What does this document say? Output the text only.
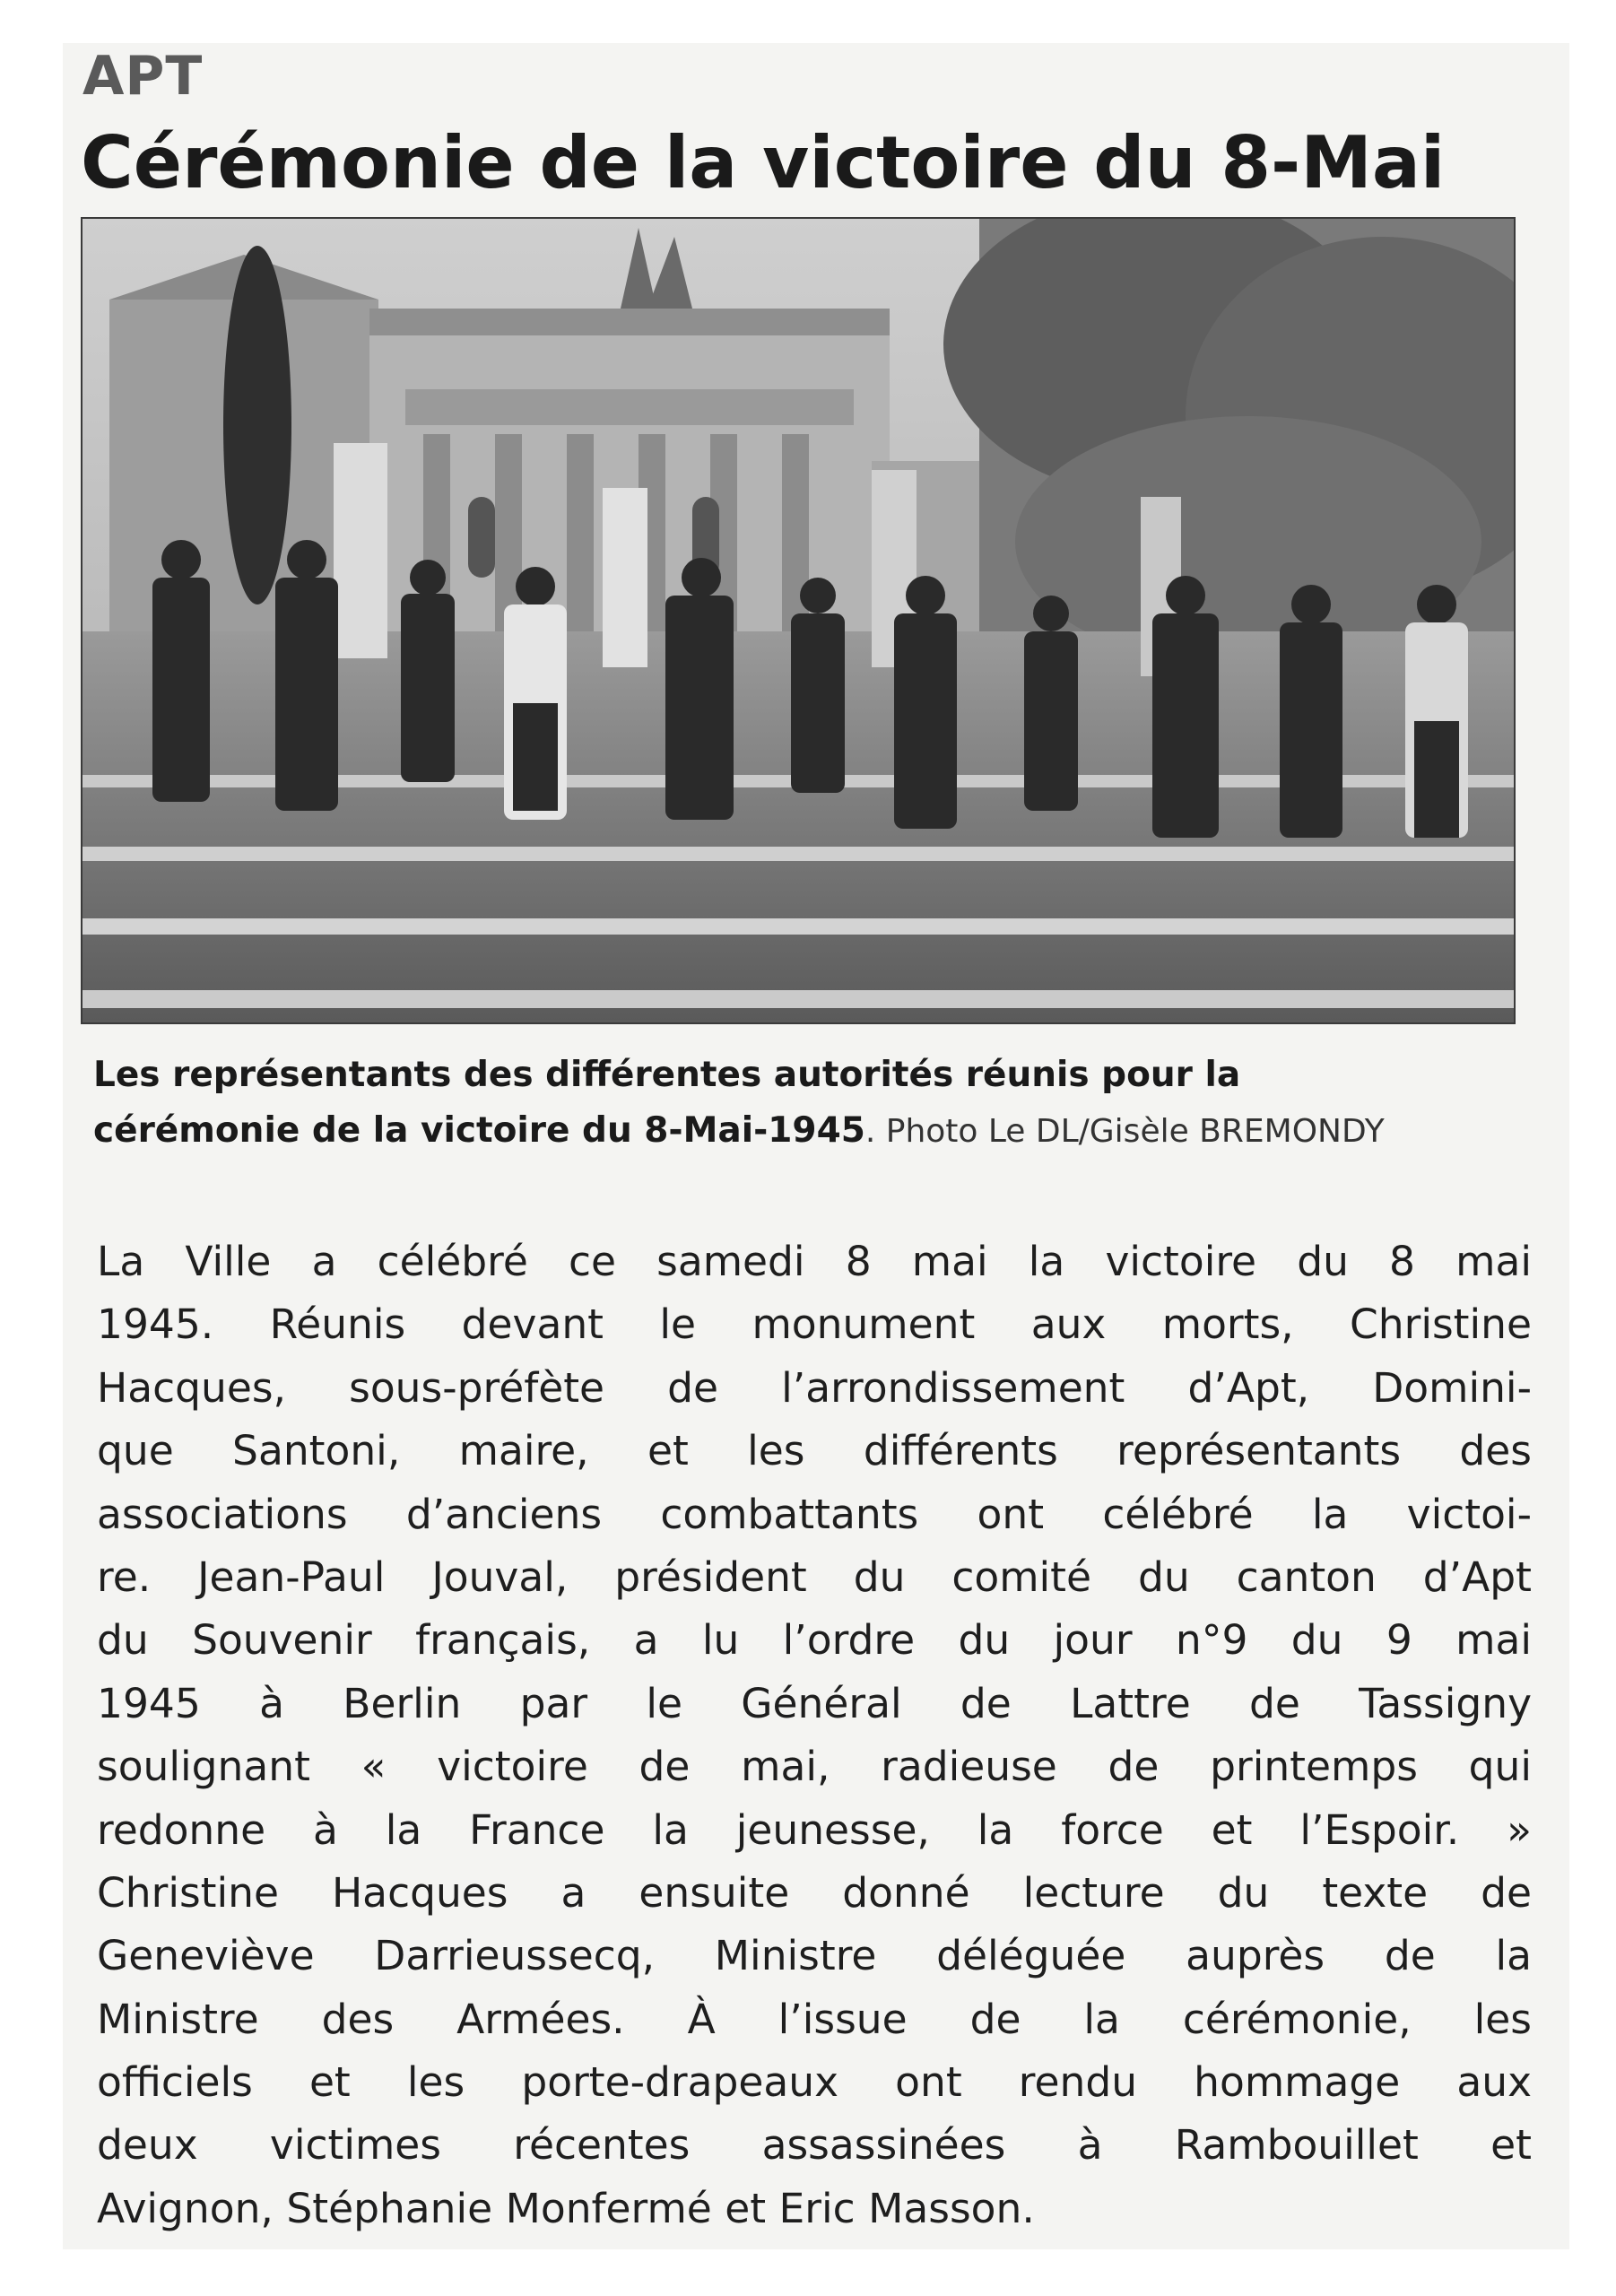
APT
Cérémonie de la victoire du 8-Mai
Les représentants des différentes autorités réunis pour la
cérémonie de la victoire du 8-Mai-1945. Photo Le DL/Gisèle BREMONDY
La Ville a célébré ce samedi 8 mai la victoire du 8 mai
1945. Réunis devant le monument aux morts, Christine
Hacques, sous-préfète de l’arrondissement d’Apt, Domini-
que Santoni, maire, et les différents représentants des
associations d’anciens combattants ont célébré la victoi-
re. Jean-Paul Jouval, président du comité du canton d’Apt
du Souvenir français, a lu l’ordre du jour n°9 du 9 mai
1945 à Berlin par le Général de Lattre de Tassigny
soulignant « victoire de mai, radieuse de printemps qui
redonne à la France la jeunesse, la force et l’Espoir. »
Christine Hacques a ensuite donné lecture du texte de
Geneviève Darrieussecq, Ministre déléguée auprès de la
Ministre des Armées. À l’issue de la cérémonie, les
officiels et les porte-drapeaux ont rendu hommage aux
deux victimes récentes assassinées à Rambouillet et
Avignon, Stéphanie Monfermé et Eric Masson.
